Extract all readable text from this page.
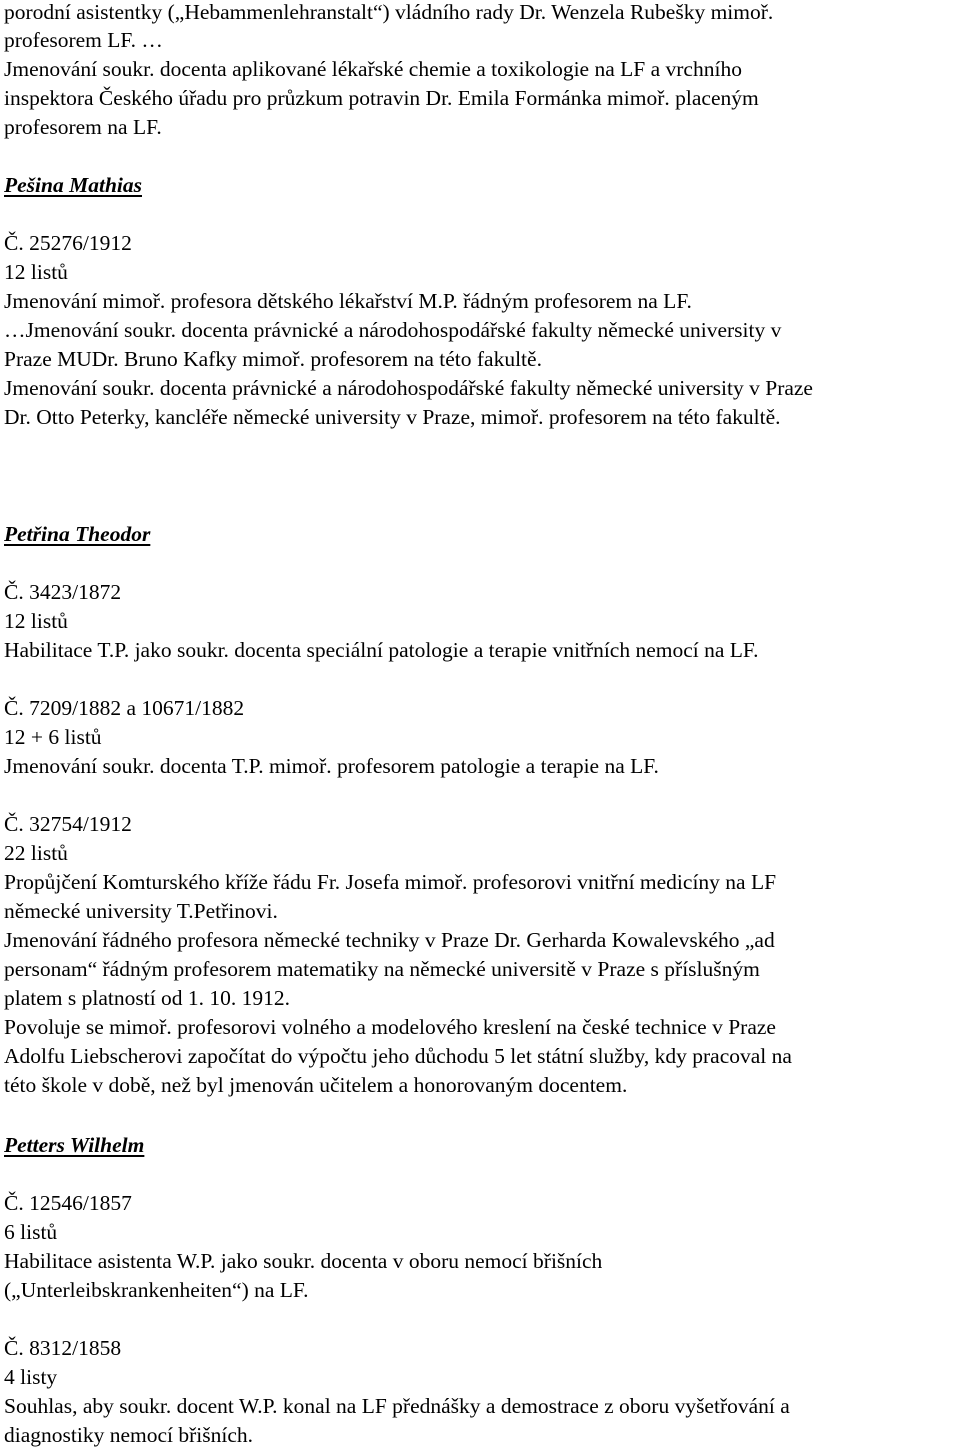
porodní asistentky („Hebammenlehranstalt“) vládního rady Dr. Wenzela Rubešky mimoř.
profesorem LF. …
Jmenování soukr. docenta aplikované lékařské chemie a toxikologie na LF a vrchního
inspektora Českého úřadu pro průzkum potravin Dr. Emila Formánka mimoř. placeným
profesorem na LF.
Pešina Mathias
Č. 25276/1912
12 listů
Jmenování mimoř. profesora dětského lékařství M.P. řádným profesorem na LF.
…Jmenování soukr. docenta právnické a národohospodářské fakulty německé university v
Praze MUDr. Bruno Kafky mimoř. profesorem na této fakultě.
Jmenování soukr. docenta právnické a národohospodářské fakulty německé university v Praze
Dr. Otto Peterky, kancléře německé university v Praze, mimoř. profesorem na této fakultě.
Petřina Theodor
Č. 3423/1872
12 listů
Habilitace T.P. jako soukr. docenta speciální patologie a terapie vnitřních nemocí na LF.
Č. 7209/1882 a 10671/1882
12 + 6 listů
Jmenování soukr. docenta T.P. mimoř. profesorem patologie a terapie na LF.
Č. 32754/1912
22 listů
Propůjčení Komturského kříže řádu Fr. Josefa mimoř. profesorovi vnitřní medicíny na LF
německé university T.Petřinovi.
Jmenování řádného profesora německé techniky v Praze Dr. Gerharda Kowalevského „ad
personam“ řádným profesorem matematiky na německé universitě v Praze s příslušným
platem s platností od 1. 10. 1912.
Povoluje se mimoř. profesorovi volného a modelového kreslení na české technice v Praze
Adolfu Liebscherovi započítat do výpočtu jeho důchodu 5 let státní služby, kdy pracoval na
této škole v době, než byl jmenován učitelem a honorovaným docentem.
Petters Wilhelm
Č. 12546/1857
6 listů
Habilitace asistenta W.P. jako soukr. docenta v oboru nemocí břišních
(„Unterleibskrankenheiten“) na LF.
Č. 8312/1858
4 listy
Souhlas, aby soukr. docent W.P. konal na LF přednášky a demostrace z oboru vyšetřování a
diagnostiky nemocí břišních.
